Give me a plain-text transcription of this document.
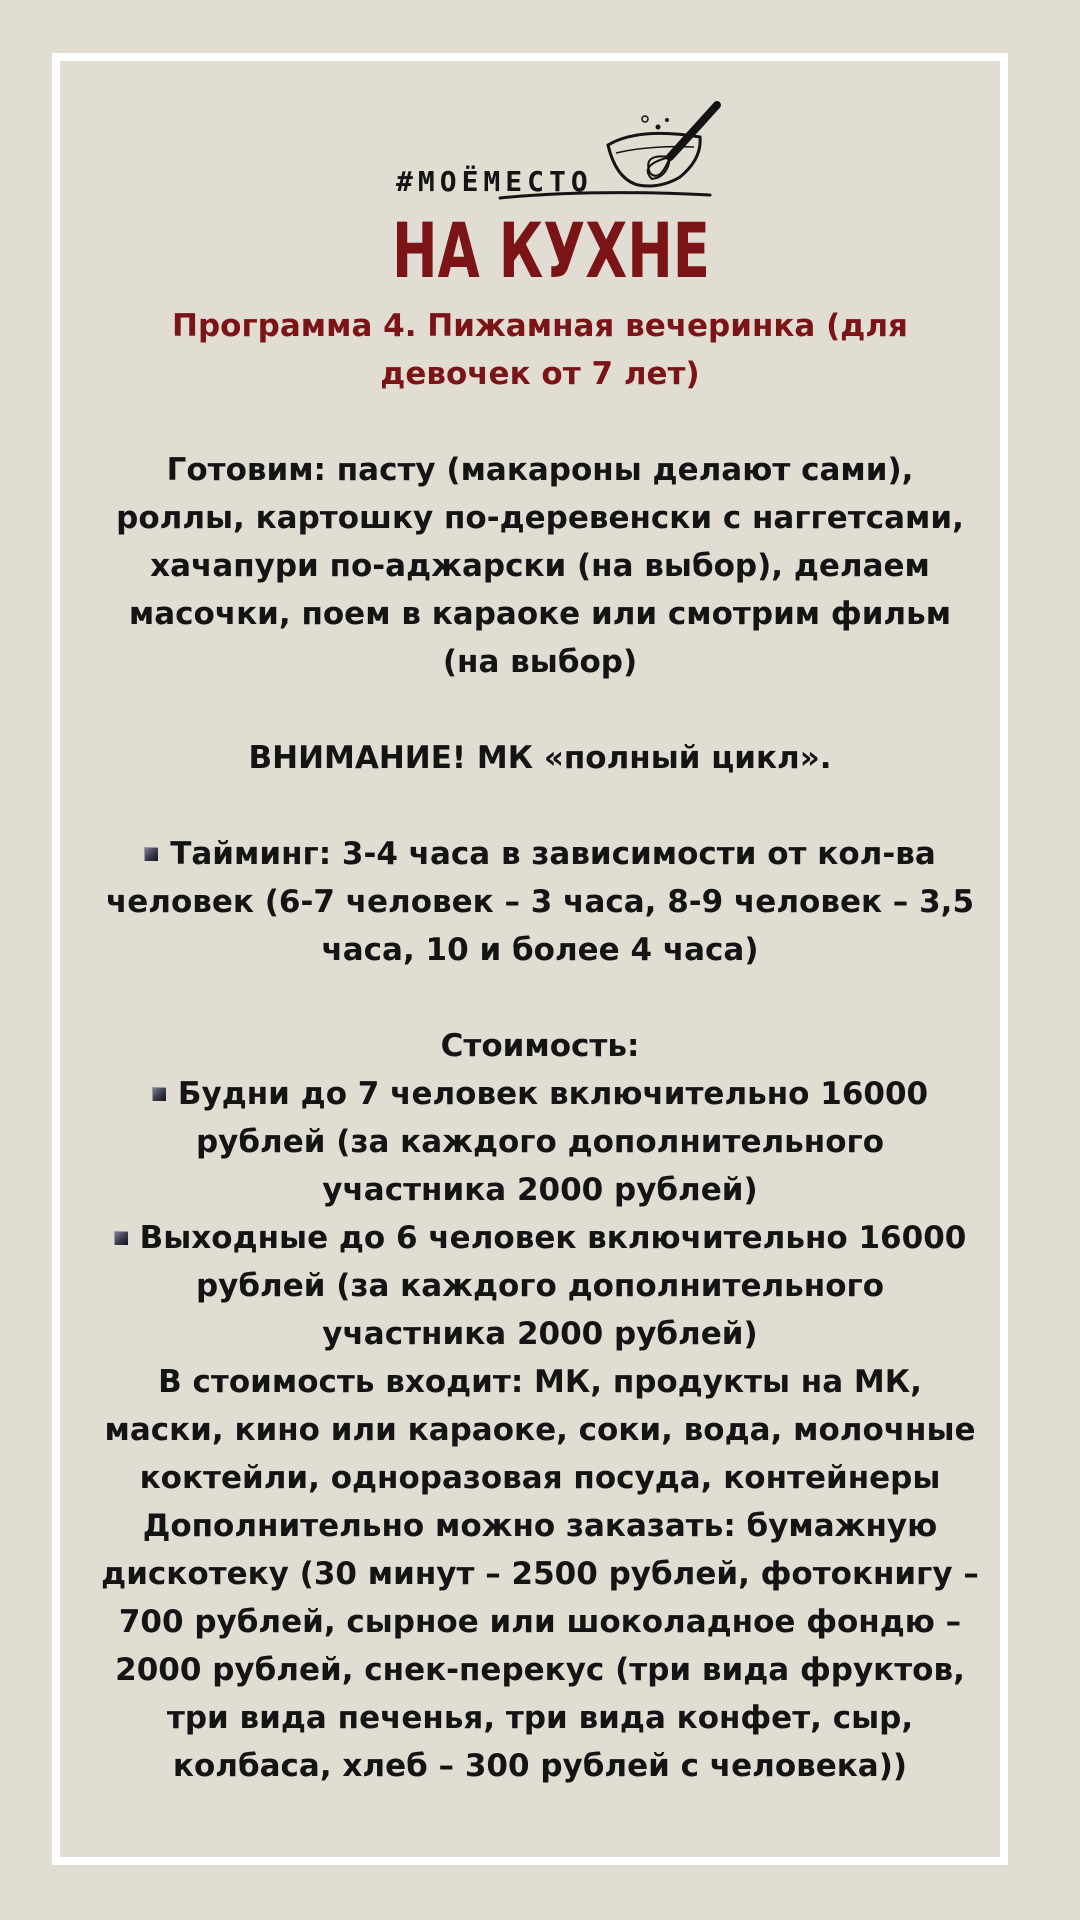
#МОЁМЕСТО
НА КУХНЕ

Программа 4. Пижамная вечеринка (для девочек от 7 лет)

Готовим: пасту (макароны делают сами), роллы, картошку по-деревенски с наггетсами, хачапури по-аджарски (на выбор), делаем масочки, поем в караоке или смотрим фильм (на выбор)

ВНИМАНИЕ! МК «полный цикл».

Тайминг: 3-4 часа в зависимости от кол-ва человек (6-7 человек – 3 часа, 8-9 человек – 3,5 часа, 10 и более 4 часа)

Стоимость:

Будни до 7 человек включительно 16000 рублей (за каждого дополнительного участника 2000 рублей)

Выходные до 6 человек включительно 16000 рублей (за каждого дополнительного участника 2000 рублей)

В стоимость входит: МК, продукты на МК, маски, кино или караоке, соки, вода, молочные коктейли, одноразовая посуда, контейнеры

Дополнительно можно заказать: бумажную дискотеку (30 минут – 2500 рублей, фотокнигу – 700 рублей, сырное или шоколадное фондю – 2000 рублей, снек-перекус (три вида фруктов, три вида печенья, три вида конфет, сыр, колбаса, хлеб – 300 рублей с человека))
